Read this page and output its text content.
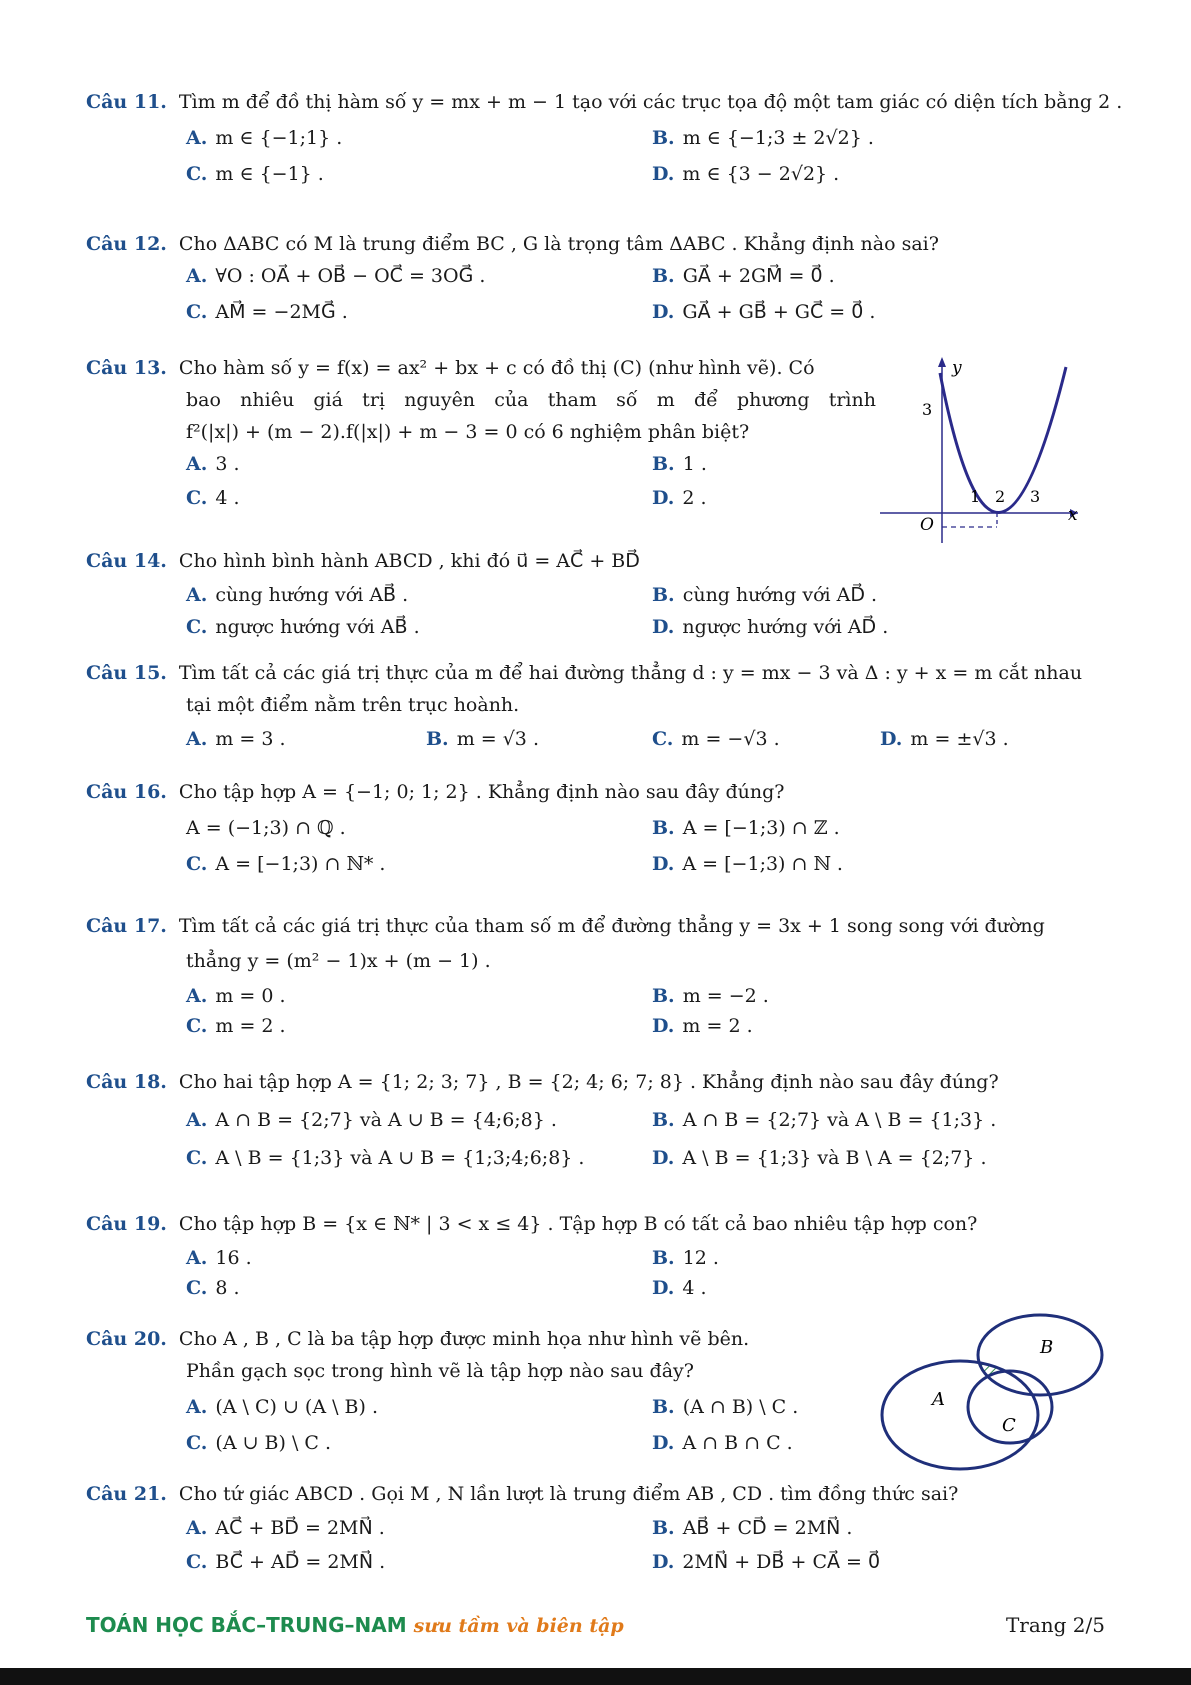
Câu 11. Tìm m để đồ thị hàm số y = mx + m − 1 tạo với các trục tọa độ một tam giác có diện tích bằng 2 .
A. m ∈ {−1;1} .	B. m ∈ {−1;3 ± 2√2} .
C. m ∈ {−1} .	D. m ∈ {3 − 2√2} .
Câu 12. Cho ΔABC có M là trung điểm BC , G là trọng tâm ΔABC . Khẳng định nào sai?
A. ∀O : OA⃗ + OB⃗ − OC⃗ = 3OG⃗ .	B. GA⃗ + 2GM⃗ = 0⃗ .
C. AM⃗ = −2MG⃗ .	D. GA⃗ + GB⃗ + GC⃗ = 0⃗ .
Câu 13. Cho hàm số y = f(x) = ax² + bx + c có đồ thị (C) (như hình vẽ). Có
bao nhiêu giá trị nguyên của tham số m để phương trình
f²(|x|) + (m − 2).f(|x|) + m − 3 = 0 có 6 nghiệm phân biệt?
A. 3 .	B. 1 .
C. 4 .	D. 2 .
y
x
O
3
1 2 3
Câu 14. Cho hình bình hành ABCD , khi đó u⃗ = AC⃗ + BD⃗
A. cùng hướng với AB⃗ .	B. cùng hướng với AD⃗ .
C. ngược hướng với AB⃗ .	D. ngược hướng với AD⃗ .
Câu 15. Tìm tất cả các giá trị thực của m để hai đường thẳng d : y = mx − 3 và Δ : y + x = m cắt nhau
tại một điểm nằm trên trục hoành.
A. m = 3 .	B. m = √3 .	C. m = −√3 .	D. m = ±√3 .
Câu 16. Cho tập hợp A = {−1; 0; 1; 2} . Khẳng định nào sau đây đúng?
A = (−1;3) ∩ ℚ .	B. A = [−1;3) ∩ ℤ .
C. A = [−1;3) ∩ ℕ* .	D. A = [−1;3) ∩ ℕ .
Câu 17. Tìm tất cả các giá trị thực của tham số m để đường thẳng y = 3x + 1 song song với đường
thẳng y = (m² − 1)x + (m − 1) .
A. m = 0 .	B. m = −2 .
C. m = 2 .	D. m = 2 .
Câu 18. Cho hai tập hợp A = {1; 2; 3; 7} , B = {2; 4; 6; 7; 8} . Khẳng định nào sau đây đúng?
A. A ∩ B = {2;7} và A ∪ B = {4;6;8} .	B. A ∩ B = {2;7} và A \ B = {1;3} .
C. A \ B = {1;3} và A ∪ B = {1;3;4;6;8} .	D. A \ B = {1;3} và B \ A = {2;7} .
Câu 19. Cho tập hợp B = {x ∈ ℕ* | 3 < x ≤ 4} . Tập hợp B có tất cả bao nhiêu tập hợp con?
A. 16 .	B. 12 .
C. 8 .	D. 4 .
Câu 20. Cho A , B , C là ba tập hợp được minh họa như hình vẽ bên.
Phần gạch sọc trong hình vẽ là tập hợp nào sau đây?
A. (A \ C) ∪ (A \ B) .	B. (A ∩ B) \ C .
C. (A ∪ B) \ C .	D. A ∩ B ∩ C .
A
B
C
Câu 21. Cho tứ giác ABCD . Gọi M , N lần lượt là trung điểm AB , CD . tìm đồng thức sai?
A. AC⃗ + BD⃗ = 2MN⃗ .	B. AB⃗ + CD⃗ = 2MN⃗ .
C. BC⃗ + AD⃗ = 2MN⃗ .	D. 2MN⃗ + DB⃗ + CA⃗ = 0⃗
TOÁN HỌC BẮC–TRUNG–NAM sưu tầm và biên tập	Trang 2/5
